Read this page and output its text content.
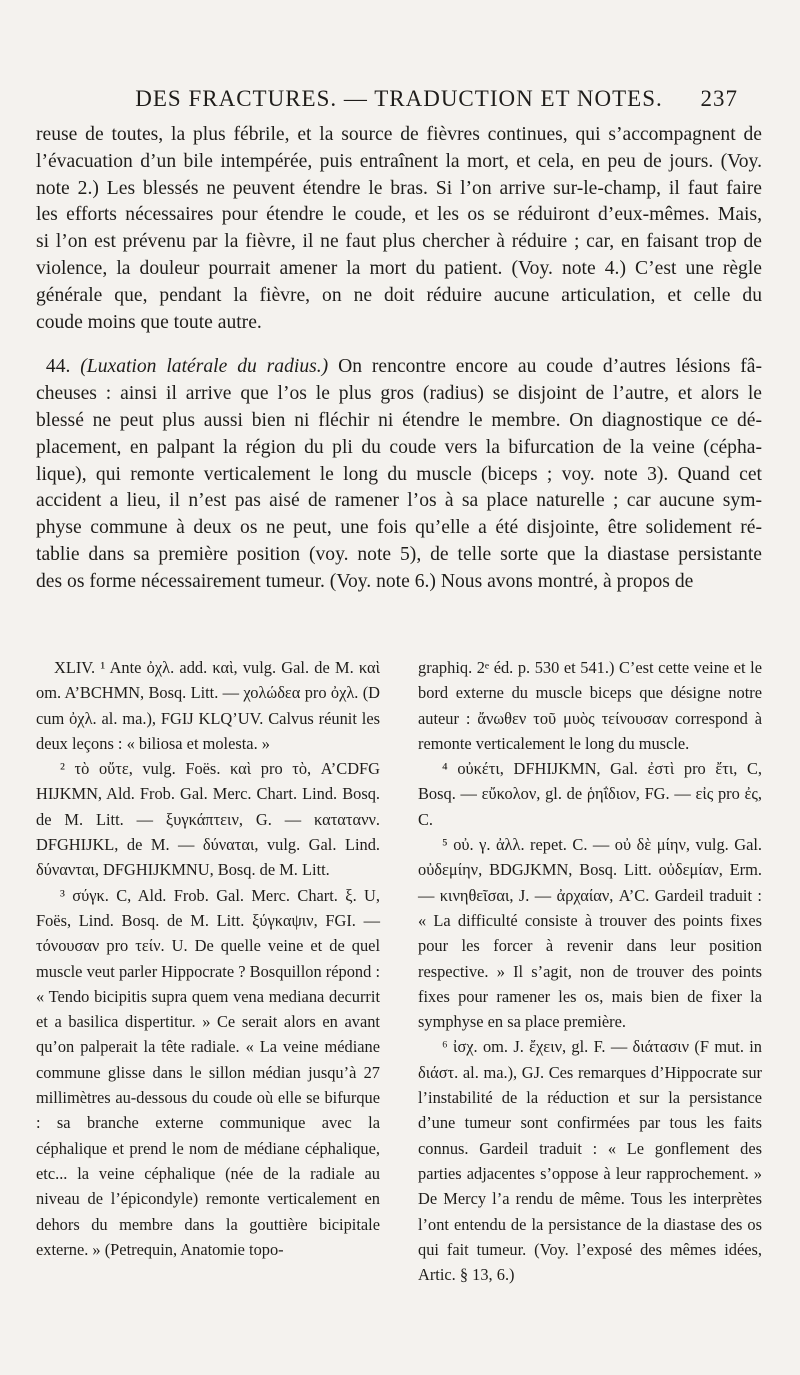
DES FRACTURES. — TRADUCTION ET NOTES. 237

reuse de toutes, la plus fébrile, et la source de fièvres continues, qui s’accompagnent de

l’évacuation d’un bile intempérée, puis entraînent la mort, et cela, en peu de jours. (Voy.

note 2.) Les blessés ne peuvent étendre le bras. Si l’on arrive sur-le-champ, il faut faire

les efforts nécessaires pour étendre le coude, et les os se réduiront d’eux-mêmes. Mais,

si l’on est prévenu par la fièvre, il ne faut plus chercher à réduire ; car, en faisant trop de

violence, la douleur pourrait amener la mort du patient. (Voy. note 4.) C’est une règle

générale que, pendant la fièvre, on ne doit réduire aucune articulation, et celle du

coude moins que toute autre.

44. (Luxation latérale du radius.) On rencontre encore au coude d’autres lésions fâ-

cheuses : ainsi il arrive que l’os le plus gros (radius) se disjoint de l’autre, et alors le

blessé ne peut plus aussi bien ni fléchir ni étendre le membre. On diagnostique ce dé-

placement, en palpant la région du pli du coude vers la bifurcation de la veine (cépha-

lique), qui remonte verticalement le long du muscle (biceps ; voy. note 3). Quand cet

accident a lieu, il n’est pas aisé de ramener l’os à sa place naturelle ; car aucune sym-

physe commune à deux os ne peut, une fois qu’elle a été disjointe, être solidement ré-

tablie dans sa première position (voy. note 5), de telle sorte que la diastase persistante

des os forme nécessairement tumeur. (Voy. note 6.) Nous avons montré, à propos de

XLIV. ¹ Ante ὀχλ. add. καὶ, vulg. Gal. de M. καὶ om. A’BCHMN, Bosq. Litt. — χολώδεα pro ὀχλ. (D cum ὀχλ. al. ma.), FGIJ KLQ’UV. Calvus réunit les deux leçons : « biliosa et molesta. »

² τὸ οὔτε, vulg. Foës. καὶ pro τὸ, A’CDFG HIJKMN, Ald. Frob. Gal. Merc. Chart. Lind. Bosq. de M. Litt. — ξυγκάπτειν, G. — κατατανν. DFGHIJKL, de M. — δύναται, vulg. Gal. Lind. δύνανται, DFGHIJKMNU, Bosq. de M. Litt.

³ σύγκ. C, Ald. Frob. Gal. Merc. Chart. ξ. U, Foës, Lind. Bosq. de M. Litt. ξύγκαψιν, FGI. — τόνουσαν pro τείν. U. De quelle veine et de quel muscle veut parler Hippocrate ? Bosquillon répond : « Tendo bicipitis supra quem vena mediana decurrit et a basilica dispertitur. » Ce serait alors en avant qu’on palperait la tête radiale. « La veine médiane commune glisse dans le sillon médian jusqu’à 27 millimètres au-dessous du coude où elle se bifurque : sa branche externe communique avec la céphalique et prend le nom de médiane céphalique, etc... la veine céphalique (née de la radiale au niveau de l’épicondyle) remonte verticalement en dehors du membre dans la gouttière bicipitale externe. » (Petrequin, Anatomie topo-

graphiq. 2ᵉ éd. p. 530 et 541.) C’est cette veine et le bord externe du muscle biceps que désigne notre auteur : ἄνωθεν τοῦ μυὸς τείνουσαν correspond à remonte verticalement le long du muscle.

⁴ οὐκέτι, DFHIJKMN, Gal. ἐστὶ pro ἔτι, C, Bosq. — εὔκολον, gl. de ῥηΐδιον, FG. — εἰς pro ἐς, C.

⁵ οὐ. γ. ἀλλ. repet. C. — οὐ δὲ μίην, vulg. Gal. οὐδεμίην, BDGJKMN, Bosq. Litt. οὐδεμίαν, Erm. — κινηθεῖσαι, J. — ἀρχαίαν, A’C. Gardeil traduit : « La difficulté consiste à trouver des points fixes pour les forcer à revenir dans leur position respective. » Il s’agit, non de trouver des points fixes pour ramener les os, mais bien de fixer la symphyse en sa place première.

⁶ ἰσχ. om. J. ἔχειν, gl. F. — διάτασιν (F mut. in διάστ. al. ma.), GJ. Ces remarques d’Hippocrate sur l’instabilité de la réduction et sur la persistance d’une tumeur sont confirmées par tous les faits connus. Gardeil traduit : « Le gonflement des parties adjacentes s’oppose à leur rapprochement. » De Mercy l’a rendu de même. Tous les interprètes l’ont entendu de la persistance de la diastase des os qui fait tumeur. (Voy. l’exposé des mêmes idées, Artic. § 13, 6.)
